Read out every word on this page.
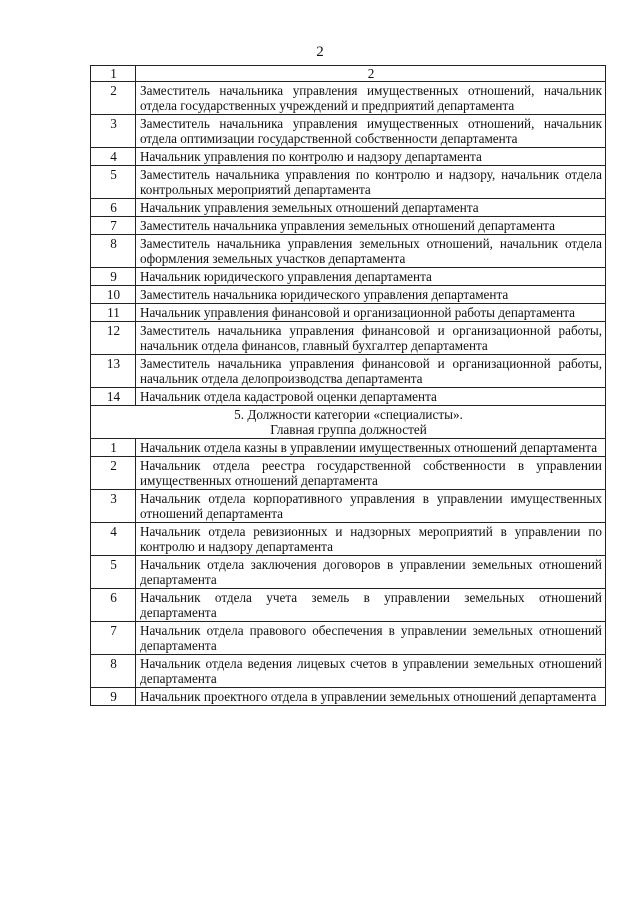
2
1	2
2	Заместитель начальника управления имущественных отношений, начальник отдела государственных учреждений и предприятий департамента
3	Заместитель начальника управления имущественных отношений, начальник отдела оптимизации государственной собственности департамента
4	Начальник управления по контролю и надзору департамента
5	Заместитель начальника управления по контролю и надзору, начальник отдела контрольных мероприятий департамента
6	Начальник управления земельных отношений департамента
7	Заместитель начальника управления земельных отношений департамента
8	Заместитель начальника управления земельных отношений, начальник отдела оформления земельных участков департамента
9	Начальник юридического управления департамента
10	Заместитель начальника юридического управления департамента
11	Начальник управления финансовой и организационной работы департамента
12	Заместитель начальника управления финансовой и организационной работы, начальник отдела финансов, главный бухгалтер департамента
13	Заместитель начальника управления финансовой и организационной работы, начальник отдела делопроизводства департамента
14	Начальник отдела кадастровой оценки департамента

5. Должности категории «специалисты».
Главная группа должностей	

1	Начальник отдела казны в управлении имущественных отношений департамента
2	Начальник отдела реестра государственной собственности в управлении имущественных отношений департамента
3	Начальник отдела корпоративного управления в управлении имущественных отношений департамента
4	Начальник отдела ревизионных и надзорных мероприятий в управлении по контролю и надзору департамента
5	Начальник отдела заключения договоров в управлении земельных отношений департамента
6	Начальник отдела учета земель в управлении земельных отношений департамента
7	Начальник отдела правового обеспечения в управлении земельных отношений департамента
8	Начальник отдела ведения лицевых счетов в управлении земельных отношений департамента
9	Начальник проектного отдела в управлении земельных отношений департамента
